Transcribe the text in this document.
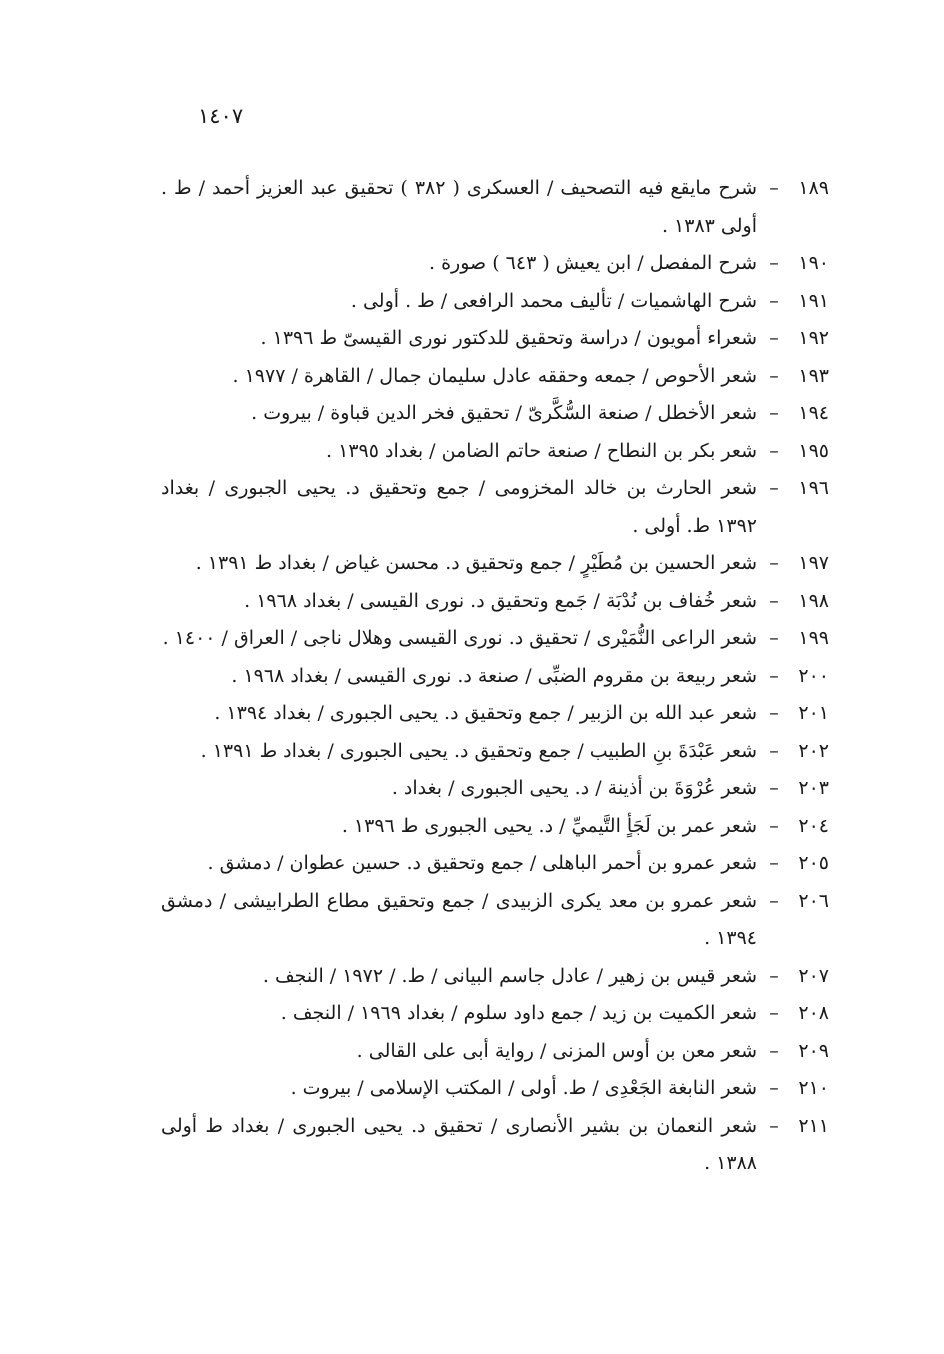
١٤٠٧
١٨٩
–
شرح مايقع فيه التصحيف / العسكرى ( ٣٨٢ ) تحقيق عبد العزيز أحمد / ط . أولى ١٣٨٣ .
١٩٠
–
شرح المفصل / ابن يعيش ( ٦٤٣ ) صورة .
١٩١
–
شرح الهاشميات / تأليف محمد الرافعى / ط . أولى .
١٩٢
–
شعراء أمويون / دراسة وتحقيق للدكتور نورى القيسىّ ط ١٣٩٦ .
١٩٣
–
شعر الأحوص / جمعه وحققه عادل سليمان جمال / القاهرة / ١٩٧٧ .
١٩٤
–
شعر الأخطل / صنعة السُّكَّرىّ / تحقيق فخر الدين قباوة / بيروت .
١٩٥
–
شعر بكر بن النطاح / صنعة حاتم الضامن / بغداد ١٣٩٥ .
١٩٦
–
شعر الحارث بن خالد المخزومى / جمع وتحقيق د. يحيى الجبورى / بغداد ١٣٩٢ ط. أولى .
١٩٧
–
شعر الحسين بن مُطَيْرٍ / جمع وتحقيق د. محسن غياض / بغداد ط ١٣٩١ .
١٩٨
–
شعر خُفاف بن نُدْبَة / جَمع وتحقيق د. نورى القيسى / بغداد ١٩٦٨ .
١٩٩
–
شعر الراعى النُّمَيْرى / تحقيق د. نورى القيسى وهلال ناجى / العراق / ١٤٠٠ .
٢٠٠
–
شعر ربيعة بن مقروم الضبِّى / صنعة د. نورى القيسى / بغداد ١٩٦٨ .
٢٠١
–
شعر عبد الله بن الزبير / جمع وتحقيق د. يحيى الجبورى / بغداد ١٣٩٤ .
٢٠٢
–
شعر عَبْدَةَ بنِ الطبيب / جمع وتحقيق د. يحيى الجبورى / بغداد ط ١٣٩١ .
٢٠٣
–
شعر عُرْوَةَ بن أذينة / د. يحيى الجبورى / بغداد .
٢٠٤
–
شعر عمر بن لَجَأٍ التَّيميِّ / د. يحيى الجبورى ط ١٣٩٦ .
٢٠٥
–
شعر عمرو بن أحمر الباهلى / جمع وتحقيق د. حسين عطوان / دمشق .
٢٠٦
–
شعر عمرو بن معد يكرى الزبيدى / جمع وتحقيق مطاع الطرابيشى / دمشق ١٣٩٤ .
٢٠٧
–
شعر قيس بن زهير / عادل جاسم البيانى / ط. / ١٩٧٢ / النجف .
٢٠٨
–
شعر الكميت بن زيد / جمع داود سلوم / بغداد ١٩٦٩ / النجف .
٢٠٩
–
شعر معن بن أوس المزنى / رواية أبى على القالى .
٢١٠
–
شعر النابغة الجَعْدِى / ط. أولى / المكتب الإسلامى / بيروت .
٢١١
–
شعر النعمان بن بشير الأنصارى / تحقيق د. يحيى الجبورى / بغداد ط أولى ١٣٨٨ .
